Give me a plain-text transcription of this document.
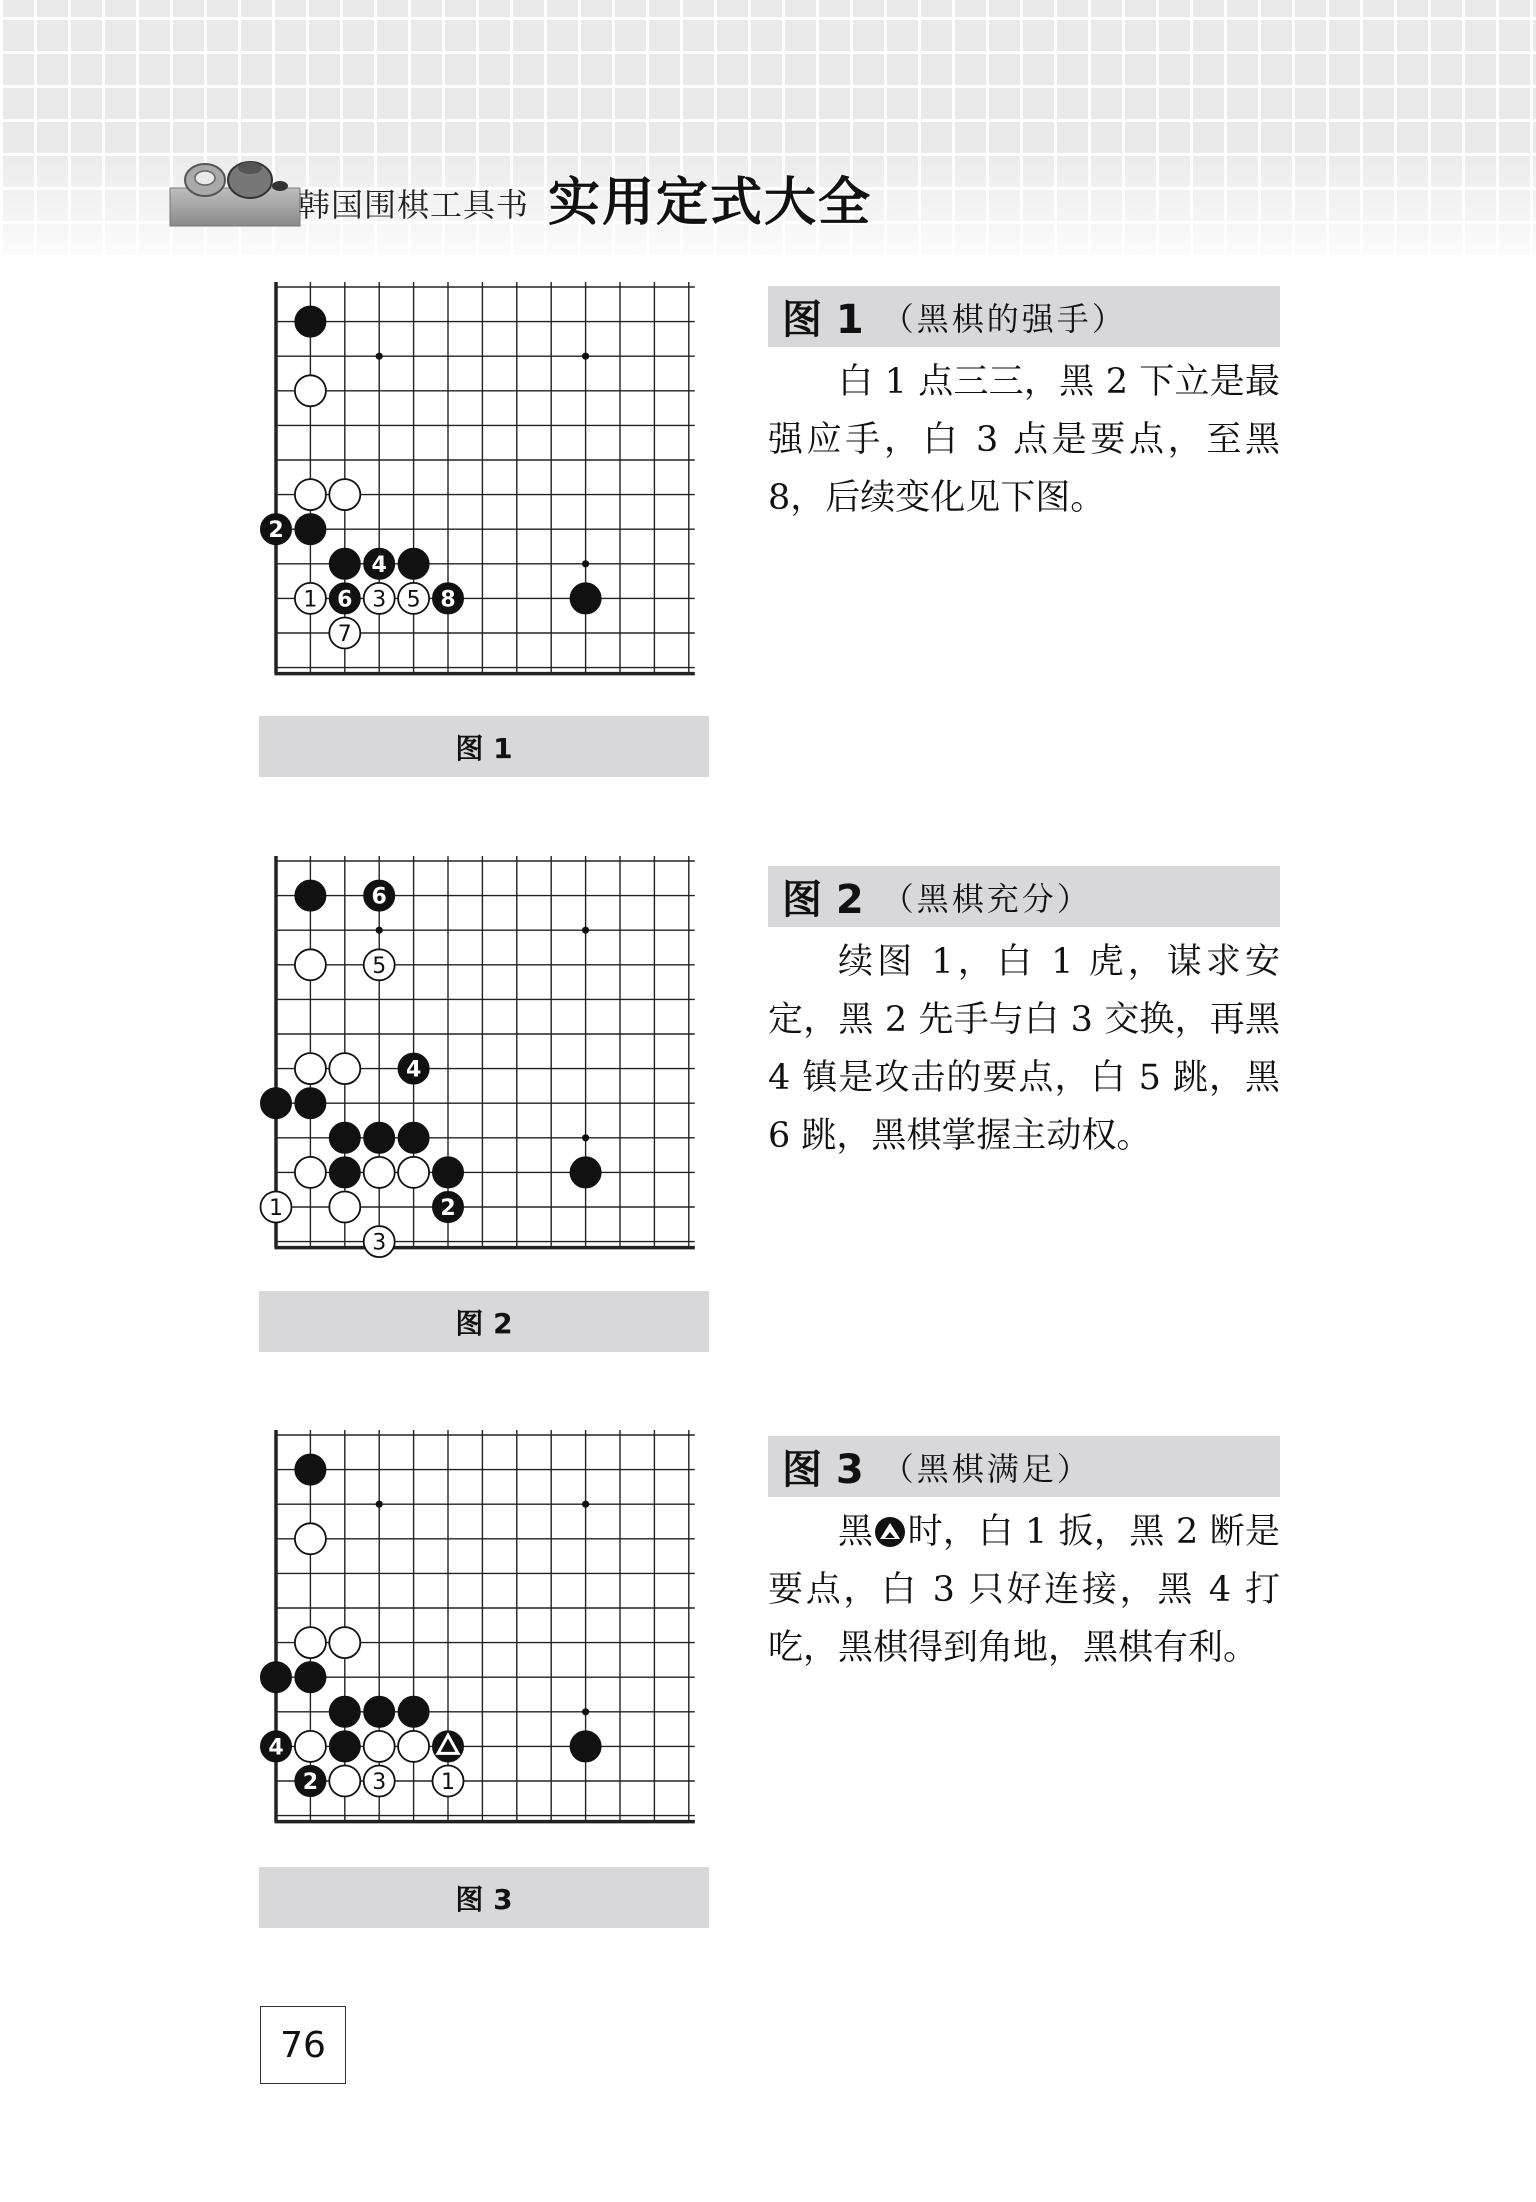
韩国围棋工具书 实用定式大全
2
4
1 6 3 5 8
7
图 1
图 1 （黑棋的强手）
白 1 点三三，黑 2 下立是最强应手，白 3 点是要点，至黑 8，后续变化见下图。
6
5
4
1	2
3
图 2
图 2 （黑棋充分）
续图 1，白 1 虎，谋求安定，黑 2 先手与白 3 交换，再黑 4 镇是攻击的要点，白 5 跳，黑 6 跳，黑棋掌握主动权。
4
2 3 1
图 3
图 3 （黑棋满足）
黑 时，白 1 扳，黑 2 断是要点，白 3 只好连接，黑 4 打吃，黑棋得到角地，黑棋有利。
76
